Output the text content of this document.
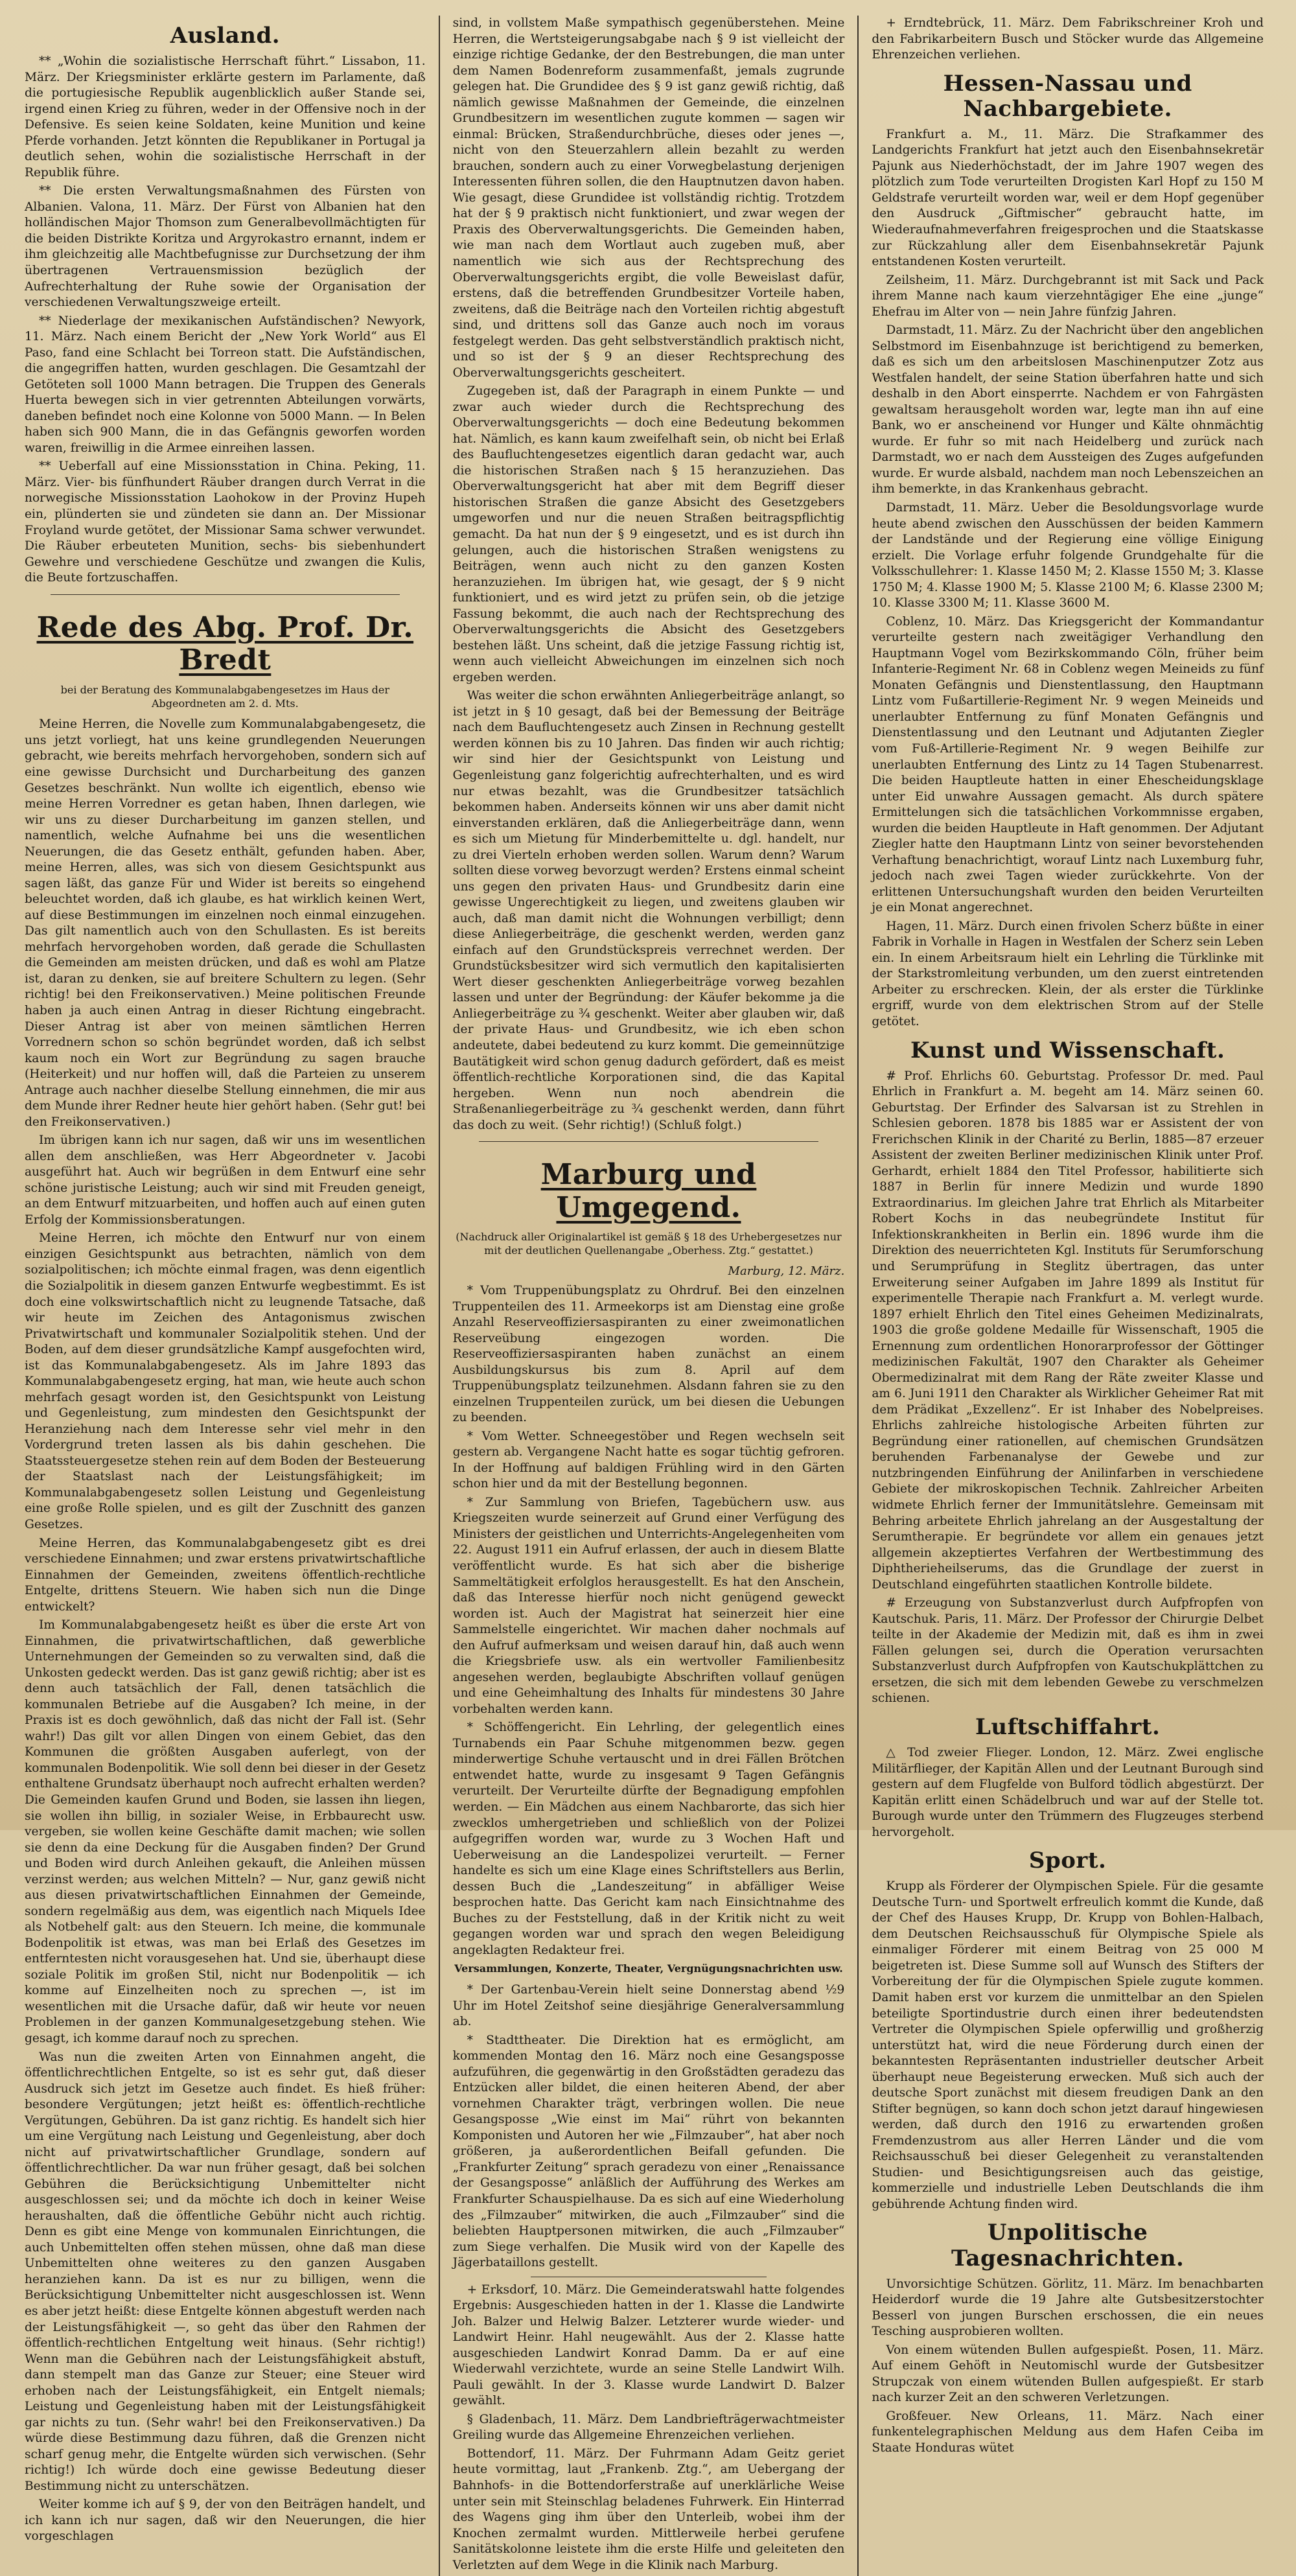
Ausland.

** „Wohin die sozialistische Herrschaft führt.“ Lissabon, 11. März. Der Kriegsminister erklärte gestern im Parlamente, daß die portugiesische Republik augenblicklich außer Stande sei, irgend einen Krieg zu führen, weder in der Offensive noch in der Defensive. Es seien keine Soldaten, keine Munition und keine Pferde vorhanden. Jetzt könnten die Republikaner in Portugal ja deutlich sehen, wohin die sozialistische Herrschaft in der Republik führe.

** Die ersten Verwaltungsmaßnahmen des Fürsten von Albanien. Valona, 11. März. Der Fürst von Albanien hat den holländischen Major Thomson zum Generalbevollmächtigten für die beiden Distrikte Koritza und Argyrokastro ernannt, indem er ihm gleichzeitig alle Machtbefugnisse zur Durchsetzung der ihm übertragenen Vertrauensmission bezüglich der Aufrechterhaltung der Ruhe sowie der Organisation der verschiedenen Verwaltungszweige erteilt.

** Niederlage der mexikanischen Aufständischen? Newyork, 11. März. Nach einem Bericht der „New York World“ aus El Paso, fand eine Schlacht bei Torreon statt. Die Aufständischen, die angegriffen hatten, wurden geschlagen. Die Gesamtzahl der Getöteten soll 1000 Mann betragen. Die Truppen des Generals Huerta bewegen sich in vier getrennten Abteilungen vorwärts, daneben befindet noch eine Kolonne von 5000 Mann. — In Belen haben sich 900 Mann, die in das Gefängnis geworfen worden waren, freiwillig in die Armee einreihen lassen.

** Ueberfall auf eine Missionsstation in China. Peking, 11. März. Vier- bis fünfhundert Räuber drangen durch Verrat in die norwegische Missionsstation Laohokow in der Provinz Hupeh ein, plünderten sie und zündeten sie dann an. Der Missionar Froyland wurde getötet, der Missionar Sama schwer verwundet. Die Räuber erbeuteten Munition, sechs- bis siebenhundert Gewehre und verschiedene Geschütze und zwangen die Kulis, die Beute fortzuschaffen.

Rede des Abg. Prof. Dr. Bredt
bei der Beratung des Kommunalabgabengesetzes im Haus der Abgeordneten am 2. d. Mts.

Meine Herren, die Novelle zum Kommunalabgabengesetz, die uns jetzt vorliegt, hat uns keine grundlegenden Neuerungen gebracht, wie bereits mehrfach hervorgehoben, sondern sich auf eine gewisse Durchsicht und Durcharbeitung des ganzen Gesetzes beschränkt. Nun wollte ich eigentlich, ebenso wie meine Herren Vorredner es getan haben, Ihnen darlegen, wie wir uns zu dieser Durcharbeitung im ganzen stellen, und namentlich, welche Aufnahme bei uns die wesentlichen Neuerungen, die das Gesetz enthält, gefunden haben. Aber, meine Herren, alles, was sich von diesem Gesichtspunkt aus sagen läßt, das ganze Für und Wider ist bereits so eingehend beleuchtet worden, daß ich glaube, es hat wirklich keinen Wert, auf diese Bestimmungen im einzelnen noch einmal einzugehen. Das gilt namentlich auch von den Schullasten. Es ist bereits mehrfach hervorgehoben worden, daß gerade die Schullasten die Gemeinden am meisten drücken, und daß es wohl am Platze ist, daran zu denken, sie auf breitere Schultern zu legen. (Sehr richtig! bei den Freikonservativen.) Meine politischen Freunde haben ja auch einen Antrag in dieser Richtung eingebracht. Dieser Antrag ist aber von meinen sämtlichen Herren Vorrednern schon so schön begründet worden, daß ich selbst kaum noch ein Wort zur Begründung zu sagen brauche (Heiterkeit) und nur hoffen will, daß die Parteien zu unserem Antrage auch nachher dieselbe Stellung einnehmen, die mir aus dem Munde ihrer Redner heute hier gehört haben. (Sehr gut! bei den Freikonservativen.)

Im übrigen kann ich nur sagen, daß wir uns im wesentlichen allen dem anschließen, was Herr Abgeordneter v. Jacobi ausgeführt hat. Auch wir begrüßen in dem Entwurf eine sehr schöne juristische Leistung; auch wir sind mit Freuden geneigt, an dem Entwurf mitzuarbeiten, und hoffen auch auf einen guten Erfolg der Kommissionsberatungen.

Meine Herren, ich möchte den Entwurf nur von einem einzigen Gesichtspunkt aus betrachten, nämlich von dem sozialpolitischen; ich möchte einmal fragen, was denn eigentlich die Sozialpolitik in diesem ganzen Entwurfe wegbestimmt. Es ist doch eine volkswirtschaftlich nicht zu leugnende Tatsache, daß wir heute im Zeichen des Antagonismus zwischen Privatwirtschaft und kommunaler Sozialpolitik stehen. Und der Boden, auf dem dieser grundsätzliche Kampf ausgefochten wird, ist das Kommunalabgabengesetz. Als im Jahre 1893 das Kommunalabgabengesetz erging, hat man, wie heute auch schon mehrfach gesagt worden ist, den Gesichtspunkt von Leistung und Gegenleistung, zum mindesten den Gesichtspunkt der Heranziehung nach dem Interesse sehr viel mehr in den Vordergrund treten lassen als bis dahin geschehen. Die Staatssteuergesetze stehen rein auf dem Boden der Besteuerung der Staatslast nach der Leistungsfähigkeit; im Kommunalabgabengesetz sollen Leistung und Gegenleistung eine große Rolle spielen, und es gilt der Zuschnitt des ganzen Gesetzes.

Meine Herren, das Kommunalabgabengesetz gibt es drei verschiedene Einnahmen; und zwar erstens privatwirtschaftliche Einnahmen der Gemeinden, zweitens öffentlich-rechtliche Entgelte, drittens Steuern. Wie haben sich nun die Dinge entwickelt?

Im Kommunalabgabengesetz heißt es über die erste Art von Einnahmen, die privatwirtschaftlichen, daß gewerbliche Unternehmungen der Gemeinden so zu verwalten sind, daß die Unkosten gedeckt werden. Das ist ganz gewiß richtig; aber ist es denn auch tatsächlich der Fall, denen tatsächlich die kommunalen Betriebe auf die Ausgaben? Ich meine, in der Praxis ist es doch gewöhnlich, daß das nicht der Fall ist. (Sehr wahr!) Das gilt vor allen Dingen von einem Gebiet, das den Kommunen die größten Ausgaben auferlegt, von der kommunalen Bodenpolitik. Wie soll denn bei dieser in der Gesetz enthaltene Grundsatz überhaupt noch aufrecht erhalten werden? Die Gemeinden kaufen Grund und Boden, sie lassen ihn liegen, sie wollen ihn billig, in sozialer Weise, in Erbbaurecht usw. vergeben, sie wollen keine Geschäfte damit machen; wie sollen sie denn da eine Deckung für die Ausgaben finden? Der Grund und Boden wird durch Anleihen gekauft, die Anleihen müssen verzinst werden; aus welchen Mitteln? — Nur, ganz gewiß nicht aus diesen privatwirtschaftlichen Einnahmen der Gemeinde, sondern regelmäßig aus dem, was eigentlich nach Miquels Idee als Notbehelf galt: aus den Steuern. Ich meine, die kommunale Bodenpolitik ist etwas, was man bei Erlaß des Gesetzes im entferntesten nicht vorausgesehen hat. Und sie, überhaupt diese soziale Politik im großen Stil, nicht nur Bodenpolitik — ich komme auf Einzelheiten noch zu sprechen —, ist im wesentlichen mit die Ursache dafür, daß wir heute vor neuen Problemen in der ganzen Kommunalgesetzgebung stehen. Wie gesagt, ich komme darauf noch zu sprechen.

Was nun die zweiten Arten von Einnahmen angeht, die öffentlichrechtlichen Entgelte, so ist es sehr gut, daß dieser Ausdruck sich jetzt im Gesetze auch findet. Es hieß früher: besondere Vergütungen; jetzt heißt es: öffentlich-rechtliche Vergütungen, Gebühren. Da ist ganz richtig. Es handelt sich hier um eine Vergütung nach Leistung und Gegenleistung, aber doch nicht auf privatwirtschaftlicher Grundlage, sondern auf öffentlichrechtlicher. Da war nun früher gesagt, daß bei solchen Gebühren die Berücksichtigung Unbemittelter nicht ausgeschlossen sei; und da möchte ich doch in keiner Weise heraushalten, daß die öffentliche Gebühr nicht auch richtig. Denn es gibt eine Menge von kommunalen Einrichtungen, die auch Unbemittelten offen stehen müssen, ohne daß man diese Unbemittelten ohne weiteres zu den ganzen Ausgaben heranziehen kann. Da ist es nur zu billigen, wenn die Berücksichtigung Unbemittelter nicht ausgeschlossen ist. Wenn es aber jetzt heißt: diese Entgelte können abgestuft werden nach der Leistungsfähigkeit —, so geht das über den Rahmen der öffentlich-rechtlichen Entgeltung weit hinaus. (Sehr richtig!) Wenn man die Gebühren nach der Leistungsfähigkeit abstuft, dann stempelt man das Ganze zur Steuer; eine Steuer wird erhoben nach der Leistungsfähigkeit, ein Entgelt niemals; Leistung und Gegenleistung haben mit der Leistungsfähigkeit gar nichts zu tun. (Sehr wahr! bei den Freikonservativen.) Da würde diese Bestimmung dazu führen, daß die Grenzen nicht scharf genug mehr, die Entgelte würden sich verwischen. (Sehr richtig!) Ich würde doch eine gewisse Bedeutung dieser Bestimmung nicht zu unterschätzen.

Weiter komme ich auf § 9, der von den Beiträgen handelt, und ich kann ich nur sagen, daß wir den Neuerungen, die hier vorgeschlagen

sind, in vollstem Maße sympathisch gegenüberstehen. Meine Herren, die Wertsteigerungsabgabe nach § 9 ist vielleicht der einzige richtige Gedanke, der den Bestrebungen, die man unter dem Namen Bodenreform zusammenfaßt, jemals zugrunde gelegen hat. Die Grundidee des § 9 ist ganz gewiß richtig, daß nämlich gewisse Maßnahmen der Gemeinde, die einzelnen Grundbesitzern im wesentlichen zugute kommen — sagen wir einmal: Brücken, Straßendurchbrüche, dieses oder jenes —, nicht von den Steuerzahlern allein bezahlt zu werden brauchen, sondern auch zu einer Vorwegbelastung derjenigen Interessenten führen sollen, die den Hauptnutzen davon haben. Wie gesagt, diese Grundidee ist vollständig richtig. Trotzdem hat der § 9 praktisch nicht funktioniert, und zwar wegen der Praxis des Oberverwaltungsgerichts. Die Gemeinden haben, wie man nach dem Wortlaut auch zugeben muß, aber namentlich wie sich aus der Rechtsprechung des Oberverwaltungsgerichts ergibt, die volle Beweislast dafür, erstens, daß die betreffenden Grundbesitzer Vorteile haben, zweitens, daß die Beiträge nach den Vorteilen richtig abgestuft sind, und drittens soll das Ganze auch noch im voraus festgelegt werden. Das geht selbstverständlich praktisch nicht, und so ist der § 9 an dieser Rechtsprechung des Oberverwaltungsgerichts gescheitert.

Zugegeben ist, daß der Paragraph in einem Punkte — und zwar auch wieder durch die Rechtsprechung des Oberverwaltungsgerichts — doch eine Bedeutung bekommen hat. Nämlich, es kann kaum zweifelhaft sein, ob nicht bei Erlaß des Baufluchtengesetzes eigentlich daran gedacht war, auch die historischen Straßen nach § 15 heranzuziehen. Das Oberverwaltungsgericht hat aber mit dem Begriff dieser historischen Straßen die ganze Absicht des Gesetzgebers umgeworfen und nur die neuen Straßen beitragspflichtig gemacht. Da hat nun der § 9 eingesetzt, und es ist durch ihn gelungen, auch die historischen Straßen wenigstens zu Beiträgen, wenn auch nicht zu den ganzen Kosten heranzuziehen. Im übrigen hat, wie gesagt, der § 9 nicht funktioniert, und es wird jetzt zu prüfen sein, ob die jetzige Fassung bekommt, die auch nach der Rechtsprechung des Oberverwaltungsgerichts die Absicht des Gesetzgebers bestehen läßt. Uns scheint, daß die jetzige Fassung richtig ist, wenn auch vielleicht Abweichungen im einzelnen sich noch ergeben werden.

Was weiter die schon erwähnten Anliegerbeiträge anlangt, so ist jetzt in § 10 gesagt, daß bei der Bemessung der Beiträge nach dem Baufluchtengesetz auch Zinsen in Rechnung gestellt werden können bis zu 10 Jahren. Das finden wir auch richtig; wir sind hier der Gesichtspunkt von Leistung und Gegenleistung ganz folgerichtig aufrechterhalten, und es wird nur etwas bezahlt, was die Grundbesitzer tatsächlich bekommen haben. Anderseits können wir uns aber damit nicht einverstanden erklären, daß die Anliegerbeiträge dann, wenn es sich um Mietung für Minderbemittelte u. dgl. handelt, nur zu drei Vierteln erhoben werden sollen. Warum denn? Warum sollten diese vorweg bevorzugt werden? Erstens einmal scheint uns gegen den privaten Haus- und Grundbesitz darin eine gewisse Ungerechtigkeit zu liegen, und zweitens glauben wir auch, daß man damit nicht die Wohnungen verbilligt; denn diese Anliegerbeiträge, die geschenkt werden, werden ganz einfach auf den Grundstückspreis verrechnet werden. Der Grundstücksbesitzer wird sich vermutlich den kapitalisierten Wert dieser geschenkten Anliegerbeiträge vorweg bezahlen lassen und unter der Begründung: der Käufer bekomme ja die Anliegerbeiträge zu ¾ geschenkt. Weiter aber glauben wir, daß der private Haus- und Grundbesitz, wie ich eben schon andeutete, dabei bedeutend zu kurz kommt. Die gemeinnützige Bautätigkeit wird schon genug dadurch gefördert, daß es meist öffentlich-rechtliche Korporationen sind, die das Kapital hergeben. Wenn nun noch abendrein die Straßenanliegerbeiträge zu ¾ geschenkt werden, dann führt das doch zu weit. (Sehr richtig!) (Schluß folgt.)

Marburg und Umgegend.
(Nachdruck aller Originalartikel ist gemäß § 18 des Urhebergesetzes nur mit der deutlichen Quellenangabe „Oberhess. Ztg.“ gestattet.)
Marburg, 12. März.

* Vom Truppenübungsplatz zu Ohrdruf. Bei den einzelnen Truppenteilen des 11. Armeekorps ist am Dienstag eine große Anzahl Reserveoffiziersaspiranten zu einer zweimonatlichen Reserveübung eingezogen worden. Die Reserveoffiziersaspiranten haben zunächst an einem Ausbildungskursus bis zum 8. April auf dem Truppenübungsplatz teilzunehmen. Alsdann fahren sie zu den einzelnen Truppenteilen zurück, um bei diesen die Uebungen zu beenden.

* Vom Wetter. Schneegestöber und Regen wechseln seit gestern ab. Vergangene Nacht hatte es sogar tüchtig gefroren. In der Hoffnung auf baldigen Frühling wird in den Gärten schon hier und da mit der Bestellung begonnen.

* Zur Sammlung von Briefen, Tagebüchern usw. aus Kriegszeiten wurde seinerzeit auf Grund einer Verfügung des Ministers der geistlichen und Unterrichts-Angelegenheiten vom 22. August 1911 ein Aufruf erlassen, der auch in diesem Blatte veröffentlicht wurde. Es hat sich aber die bisherige Sammeltätigkeit erfolglos herausgestellt. Es hat den Anschein, daß das Interesse hierfür noch nicht genügend geweckt worden ist. Auch der Magistrat hat seinerzeit hier eine Sammelstelle eingerichtet. Wir machen daher nochmals auf den Aufruf aufmerksam und weisen darauf hin, daß auch wenn die Kriegsbriefe usw. als ein wertvoller Familienbesitz angesehen werden, beglaubigte Abschriften vollauf genügen und eine Geheimhaltung des Inhalts für mindestens 30 Jahre vorbehalten werden kann.

* Schöffengericht. Ein Lehrling, der gelegentlich eines Turnabends ein Paar Schuhe mitgenommen bezw. gegen minderwertige Schuhe vertauscht und in drei Fällen Brötchen entwendet hatte, wurde zu insgesamt 9 Tagen Gefängnis verurteilt. Der Verurteilte dürfte der Begnadigung empfohlen werden. — Ein Mädchen aus einem Nachbarorte, das sich hier zwecklos umhergetrieben und schließlich von der Polizei aufgegriffen worden war, wurde zu 3 Wochen Haft und Ueberweisung an die Landespolizei verurteilt. — Ferner handelte es sich um eine Klage eines Schriftstellers aus Berlin, dessen Buch die „Landeszeitung“ in abfälliger Weise besprochen hatte. Das Gericht kam nach Einsichtnahme des Buches zu der Feststellung, daß in der Kritik nicht zu weit gegangen worden war und sprach den wegen Beleidigung angeklagten Redakteur frei.

Versammlungen, Konzerte, Theater, Vergnügungsnachrichten usw.

* Der Gartenbau-Verein hielt seine Donnerstag abend ½9 Uhr im Hotel Zeitshof seine diesjährige Generalversammlung ab.

* Stadttheater. Die Direktion hat es ermöglicht, am kommenden Montag den 16. März noch eine Gesangsposse aufzuführen, die gegenwärtig in den Großstädten geradezu das Entzücken aller bildet, die einen heiteren Abend, der aber vornehmen Charakter trägt, verbringen wollen. Die neue Gesangsposse „Wie einst im Mai“ rührt von bekannten Komponisten und Autoren her wie „Filmzauber“, hat aber noch größeren, ja außerordentlichen Beifall gefunden. Die „Frankfurter Zeitung“ sprach geradezu von einer „Renaissance der Gesangsposse“ anläßlich der Aufführung des Werkes am Frankfurter Schauspielhause. Da es sich auf eine Wiederholung des „Filmzauber“ mitwirken, die auch „Filmzauber“ sind die beliebten Hauptpersonen mitwirken, die auch „Filmzauber“ zum Siege verhalfen. Die Musik wird von der Kapelle des Jägerbataillons gestellt.

+ Erksdorf, 10. März. Die Gemeinderatswahl hatte folgendes Ergebnis: Ausgeschieden hatten in der 1. Klasse die Landwirte Joh. Balzer und Helwig Balzer. Letzterer wurde wieder- und Landwirt Heinr. Hahl neugewählt. Aus der 2. Klasse hatte ausgeschieden Landwirt Konrad Damm. Da er auf eine Wiederwahl verzichtete, wurde an seine Stelle Landwirt Wilh. Pauli gewählt. In der 3. Klasse wurde Landwirt D. Balzer gewählt.

§ Gladenbach, 11. März. Dem Landbriefträgerwachtmeister Greiling wurde das Allgemeine Ehrenzeichen verliehen.

Bottendorf, 11. März. Der Fuhrmann Adam Geitz geriet heute vormittag, laut „Frankenb. Ztg.“, am Uebergang der Bahnhofs- in die Bottendorferstraße auf unerklärliche Weise unter sein mit Steinschlag beladenes Fuhrwerk. Ein Hinterrad des Wagens ging ihm über den Unterleib, wobei ihm der Knochen zermalmt wurden. Mittlerweile herbei gerufene Sanitätskolonne leistete ihm die erste Hilfe und geleiteten den Verletzten auf dem Wege in die Klinik nach Marburg.

+ Erndtebrück, 11. März. Dem Fabrikschreiner Kroh und den Fabrikarbeitern Busch und Stöcker wurde das Allgemeine Ehrenzeichen verliehen.

Hessen-Nassau und Nachbargebiete.

Frankfurt a. M., 11. März. Die Strafkammer des Landgerichts Frankfurt hat jetzt auch den Eisenbahnsekretär Pajunk aus Niederhöchstadt, der im Jahre 1907 wegen des plötzlich zum Tode verurteilten Drogisten Karl Hopf zu 150 M Geldstrafe verurteilt worden war, weil er dem Hopf gegenüber den Ausdruck „Giftmischer“ gebraucht hatte, im Wiederaufnahmeverfahren freigesprochen und die Staatskasse zur Rückzahlung aller dem Eisenbahnsekretär Pajunk entstandenen Kosten verurteilt.

Zeilsheim, 11. März. Durchgebrannt ist mit Sack und Pack ihrem Manne nach kaum vierzehntägiger Ehe eine „junge“ Ehefrau im Alter von — nein Jahre fünfzig Jahren.

Darmstadt, 11. März. Zu der Nachricht über den angeblichen Selbstmord im Eisenbahnzuge ist berichtigend zu bemerken, daß es sich um den arbeitslosen Maschinenputzer Zotz aus Westfalen handelt, der seine Station überfahren hatte und sich deshalb in den Abort einsperrte. Nachdem er von Fahrgästen gewaltsam herausgeholt worden war, legte man ihn auf eine Bank, wo er anscheinend vor Hunger und Kälte ohnmächtig wurde. Er fuhr so mit nach Heidelberg und zurück nach Darmstadt, wo er nach dem Aussteigen des Zuges aufgefunden wurde. Er wurde alsbald, nachdem man noch Lebenszeichen an ihm bemerkte, in das Krankenhaus gebracht.

Darmstadt, 11. März. Ueber die Besoldungsvorlage wurde heute abend zwischen den Ausschüssen der beiden Kammern der Landstände und der Regierung eine völlige Einigung erzielt. Die Vorlage erfuhr folgende Grundgehalte für die Volksschullehrer: 1. Klasse 1450 M; 2. Klasse 1550 M; 3. Klasse 1750 M; 4. Klasse 1900 M; 5. Klasse 2100 M; 6. Klasse 2300 M; 10. Klasse 3300 M; 11. Klasse 3600 M.

Coblenz, 10. März. Das Kriegsgericht der Kommandantur verurteilte gestern nach zweitägiger Verhandlung den Hauptmann Vogel vom Bezirkskommando Cöln, früher beim Infanterie-Regiment Nr. 68 in Coblenz wegen Meineids zu fünf Monaten Gefängnis und Dienstentlassung, den Hauptmann Lintz vom Fußartillerie-Regiment Nr. 9 wegen Meineids und unerlaubter Entfernung zu fünf Monaten Gefängnis und Dienstentlassung und den Leutnant und Adjutanten Ziegler vom Fuß-Artillerie-Regiment Nr. 9 wegen Beihilfe zur unerlaubten Entfernung des Lintz zu 14 Tagen Stubenarrest. Die beiden Hauptleute hatten in einer Ehescheidungsklage unter Eid unwahre Aussagen gemacht. Als durch spätere Ermittelungen sich die tatsächlichen Vorkommnisse ergaben, wurden die beiden Hauptleute in Haft genommen. Der Adjutant Ziegler hatte den Hauptmann Lintz von seiner bevorstehenden Verhaftung benachrichtigt, worauf Lintz nach Luxemburg fuhr, jedoch nach zwei Tagen wieder zurückkehrte. Von der erlittenen Untersuchungshaft wurden den beiden Verurteilten je ein Monat angerechnet.

Hagen, 11. März. Durch einen frivolen Scherz büßte in einer Fabrik in Vorhalle in Hagen in Westfalen der Scherz sein Leben ein. In einem Arbeitsraum hielt ein Lehrling die Türklinke mit der Starkstromleitung verbunden, um den zuerst eintretenden Arbeiter zu erschrecken. Klein, der als erster die Türklinke ergriff, wurde von dem elektrischen Strom auf der Stelle getötet.

Kunst und Wissenschaft.

# Prof. Ehrlichs 60. Geburtstag. Professor Dr. med. Paul Ehrlich in Frankfurt a. M. begeht am 14. März seinen 60. Geburtstag. Der Erfinder des Salvarsan ist zu Strehlen in Schlesien geboren. 1878 bis 1885 war er Assistent der von Frerichschen Klinik in der Charité zu Berlin, 1885—87 erzeuer Assistent der zweiten Berliner medizinischen Klinik unter Prof. Gerhardt, erhielt 1884 den Titel Professor, habilitierte sich 1887 in Berlin für innere Medizin und wurde 1890 Extraordinarius. Im gleichen Jahre trat Ehrlich als Mitarbeiter Robert Kochs in das neubegründete Institut für Infektionskrankheiten in Berlin ein. 1896 wurde ihm die Direktion des neuerrichteten Kgl. Instituts für Serumforschung und Serumprüfung in Steglitz übertragen, das unter Erweiterung seiner Aufgaben im Jahre 1899 als Institut für experimentelle Therapie nach Frankfurt a. M. verlegt wurde. 1897 erhielt Ehrlich den Titel eines Geheimen Medizinalrats, 1903 die große goldene Medaille für Wissenschaft, 1905 die Ernennung zum ordentlichen Honorarprofessor der Göttinger medizinischen Fakultät, 1907 den Charakter als Geheimer Obermedizinalrat mit dem Rang der Räte zweiter Klasse und am 6. Juni 1911 den Charakter als Wirklicher Geheimer Rat mit dem Prädikat „Exzellenz“. Er ist Inhaber des Nobelpreises. Ehrlichs zahlreiche histologische Arbeiten führten zur Begründung einer rationellen, auf chemischen Grundsätzen beruhenden Farbenanalyse der Gewebe und zur nutzbringenden Einführung der Anilinfarben in verschiedene Gebiete der mikroskopischen Technik. Zahlreicher Arbeiten widmete Ehrlich ferner der Immunitätslehre. Gemeinsam mit Behring arbeitete Ehrlich jahrelang an der Ausgestaltung der Serumtherapie. Er begründete vor allem ein genaues jetzt allgemein akzeptiertes Verfahren der Wertbestimmung des Diphtherieheilserums, das die Grundlage der zuerst in Deutschland eingeführten staatlichen Kontrolle bildete.

# Erzeugung von Substanzverlust durch Aufpfropfen von Kautschuk. Paris, 11. März. Der Professor der Chirurgie Delbet teilte in der Akademie der Medizin mit, daß es ihm in zwei Fällen gelungen sei, durch die Operation verursachten Substanzverlust durch Aufpfropfen von Kautschukplättchen zu ersetzen, die sich mit dem lebenden Gewebe zu verschmelzen schienen.

Luftschiffahrt.

△ Tod zweier Flieger. London, 12. März. Zwei englische Militärflieger, der Kapitän Allen und der Leutnant Burough sind gestern auf dem Flugfelde von Bulford tödlich abgestürzt. Der Kapitän erlitt einen Schädelbruch und war auf der Stelle tot. Burough wurde unter den Trümmern des Flugzeuges sterbend hervorgeholt.

Sport.

Krupp als Förderer der Olympischen Spiele. Für die gesamte Deutsche Turn- und Sportwelt erfreulich kommt die Kunde, daß der Chef des Hauses Krupp, Dr. Krupp von Bohlen-Halbach, dem Deutschen Reichsausschuß für Olympische Spiele als einmaliger Förderer mit einem Beitrag von 25 000 M beigetreten ist. Diese Summe soll auf Wunsch des Stifters der Vorbereitung der für die Olympischen Spiele zugute kommen. Damit haben erst vor kurzem die unmittelbar an den Spielen beteiligte Sportindustrie durch einen ihrer bedeutendsten Vertreter die Olympischen Spiele opferwillig und großherzig unterstützt hat, wird die neue Förderung durch einen der bekanntesten Repräsentanten industrieller deutscher Arbeit überhaupt neue Begeisterung erwecken. Muß sich auch der deutsche Sport zunächst mit diesem freudigen Dank an den Stifter begnügen, so kann doch schon jetzt darauf hingewiesen werden, daß durch den 1916 zu erwartenden großen Fremdenzustrom aus aller Herren Länder und die vom Reichsausschuß bei dieser Gelegenheit zu veranstaltenden Studien- und Besichtigungsreisen auch das geistige, kommerzielle und industrielle Leben Deutschlands die ihm gebührende Achtung finden wird.

Unpolitische Tagesnachrichten.

Unvorsichtige Schützen. Görlitz, 11. März. Im benachbarten Heiderdorf wurde die 19 Jahre alte Gutsbesitzerstochter Besserl von jungen Burschen erschossen, die ein neues Tesching ausprobieren wollten.

Von einem wütenden Bullen aufgespießt. Posen, 11. März. Auf einem Gehöft in Neutomischl wurde der Gutsbesitzer Strupczak von einem wütenden Bullen aufgespießt. Er starb nach kurzer Zeit an den schweren Verletzungen.

Großfeuer. New Orleans, 11. März. Nach einer funkentelegraphischen Meldung aus dem Hafen Ceiba im Staate Honduras wütet
